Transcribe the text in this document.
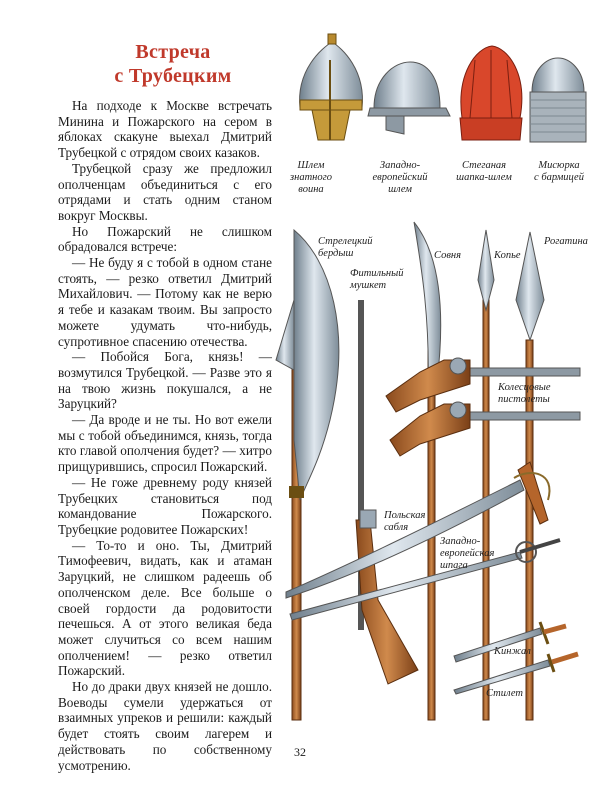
Встреча
с Трубецким

На подходе к Москве встречать Минина и Пожарского на сером в яблоках скакуне выехал Дмитрий Трубецкой с отрядом своих казаков.

Трубецкой сразу же предложил ополченцам объединиться с его отрядами и стать одним станом вокруг Москвы.

Но Пожарский не слишком обрадовался встрече:

— Не буду я с тобой в одном стане стоять, — резко ответил Дмитрий Михайлович. — Потому как не верю я тебе и казакам твоим. Вы запросто можете удумать что-нибудь, супротивное спасению отечества.

— Побойся Бога, князь! — возмутился Трубецкой. — Разве это я на твою жизнь покушался, а не Заруцкий?

— Да вроде и не ты. Но вот ежели мы с тобой объединимся, князь, тогда кто главой ополчения будет? — хитро прищурившись, спросил Пожарский.

— Не гоже древнему роду князей Трубецких становиться под командование Пожарского. Трубецкие родовитее Пожарских!

— То-то и оно. Ты, Дмитрий Тимофеевич, видать, как и атаман Заруцкий, не слишком радеешь об ополченском деле. Все больше о своей гордости да родовитости печешься. А от этого великая беда может случиться со всем нашим ополчением! — резко ответил Пожарский.

Но до драки двух князей не дошло. Воеводы сумели удержаться от взаимных упреков и решили: каждый будет стоять своим лагерем и действовать по собственному усмотрению.

Шлем
знатного
воина
Западно-
европейский
шлем
Стеганая
шапка-шлем
Мисюрка
с бармицей
Стрелецкий
бердыш
Фитильный
мушкет
Совня	Копье
Рогатина
Колесцовые
пистолеты
Польская
сабля
Западно-
европейская
шпага
Кинжал
Стилет
32
